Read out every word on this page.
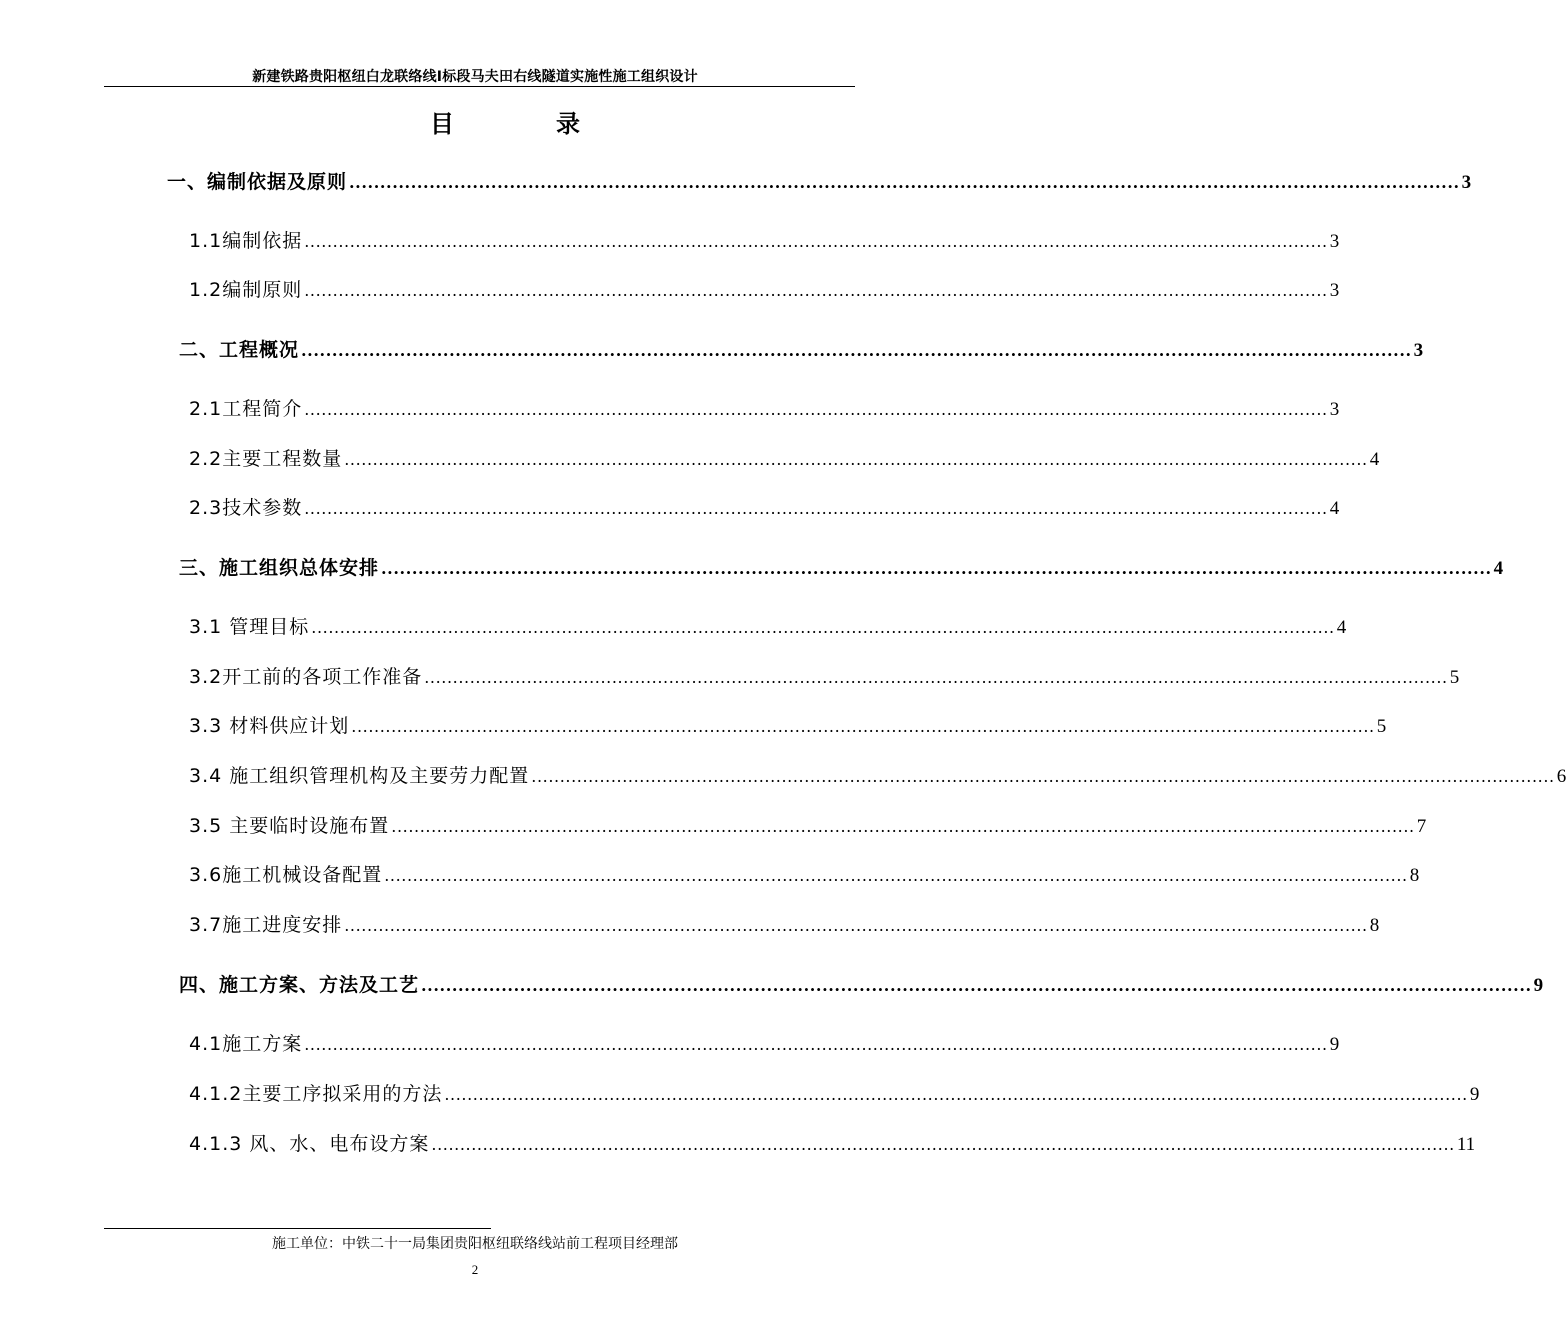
新建铁路贵阳枢纽白龙联络线Ⅰ标段马夫田右线隧道实施性施工组织设计
目	录
一、编制依据及原则 .................................................................................................................................................................................... 3
1.1编制依据 .................................................................................................................................................................................... 3
1.2编制原则 .................................................................................................................................................................................... 3
二、工程概况 .................................................................................................................................................................................... 3
2.1工程简介 .................................................................................................................................................................................... 3
2.2主要工程数量 .................................................................................................................................................................................... 4
2.3技术参数 .................................................................................................................................................................................... 4
三、施工组织总体安排 .................................................................................................................................................................................... 4
3.1 管理目标 .................................................................................................................................................................................... 4
3.2开工前的各项工作准备 .................................................................................................................................................................................... 5
3.3 材料供应计划 .................................................................................................................................................................................... 5
3.4 施工组织管理机构及主要劳力配置 .................................................................................................................................................................................... 6
3.5 主要临时设施布置 .................................................................................................................................................................................... 7
3.6施工机械设备配置 .................................................................................................................................................................................... 8
3.7施工进度安排 .................................................................................................................................................................................... 8
四、施工方案、方法及工艺 .................................................................................................................................................................................... 9
4.1施工方案 .................................................................................................................................................................................... 9
4.1.2主要工序拟采用的方法 .................................................................................................................................................................................... 9
4.1.3 风、水、电布设方案 .................................................................................................................................................................................... 11
施工单位：中铁二十一局集团贵阳枢纽联络线站前工程项目经理部
2
